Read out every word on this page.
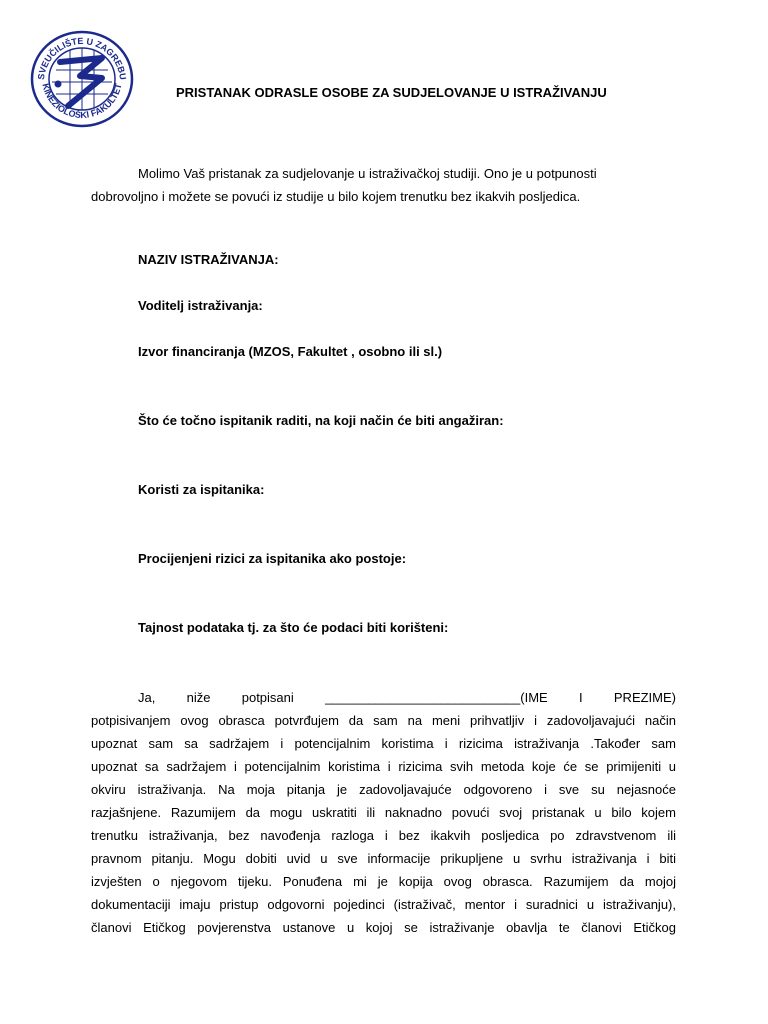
SVEUČILIŠTE U ZAGREBU
KINEZIOLOŠKI FAKULTET	PRISTANAK ODRASLE OSOBE ZA SUDJELOVANJE U ISTRAŽIVANJU
Molimo Vaš pristanak za sudjelovanje u istraživačkoj studiji. Ono je u potpunosti
dobrovoljno i možete se povući iz studije u bilo kojem trenutku bez ikakvih posljedica.
NAZIV ISTRAŽIVANJA:
Voditelj istraživanja:
Izvor financiranja (MZOS, Fakultet , osobno ili sl.)
Što će točno ispitanik raditi, na koji način će biti angažiran:
Koristi za ispitanika:
Procijenjeni rizici za ispitanika ako postoje:
Tajnost podataka tj. za što će podaci biti korišteni:
Ja, niže potpisani ___________________________(IME I PREZIME)
potpisivanjem ovog obrasca potvrđujem da sam na meni prihvatljiv i zadovoljavajući način
upoznat sam sa sadržajem i potencijalnim koristima i rizicima istraživanja .Također sam
upoznat sa sadržajem i potencijalnim koristima i rizicima svih metoda koje će se primijeniti u
okviru istraživanja. Na moja pitanja je zadovoljavajuće odgovoreno i sve su nejasnoće
razjašnjene. Razumijem da mogu uskratiti ili naknadno povući svoj pristanak u bilo kojem
trenutku istraživanja, bez navođenja razloga i bez ikakvih posljedica po zdravstvenom ili
pravnom pitanju. Mogu dobiti uvid u sve informacije prikupljene u svrhu istraživanja i biti
izvješten o njegovom tijeku. Ponuđena mi je kopija ovog obrasca. Razumijem da mojoj
dokumentaciji imaju pristup odgovorni pojedinci (istraživač, mentor i suradnici u istraživanju),
članovi Etičkog povjerenstva ustanove u kojoj se istraživanje obavlja te članovi Etičkog
